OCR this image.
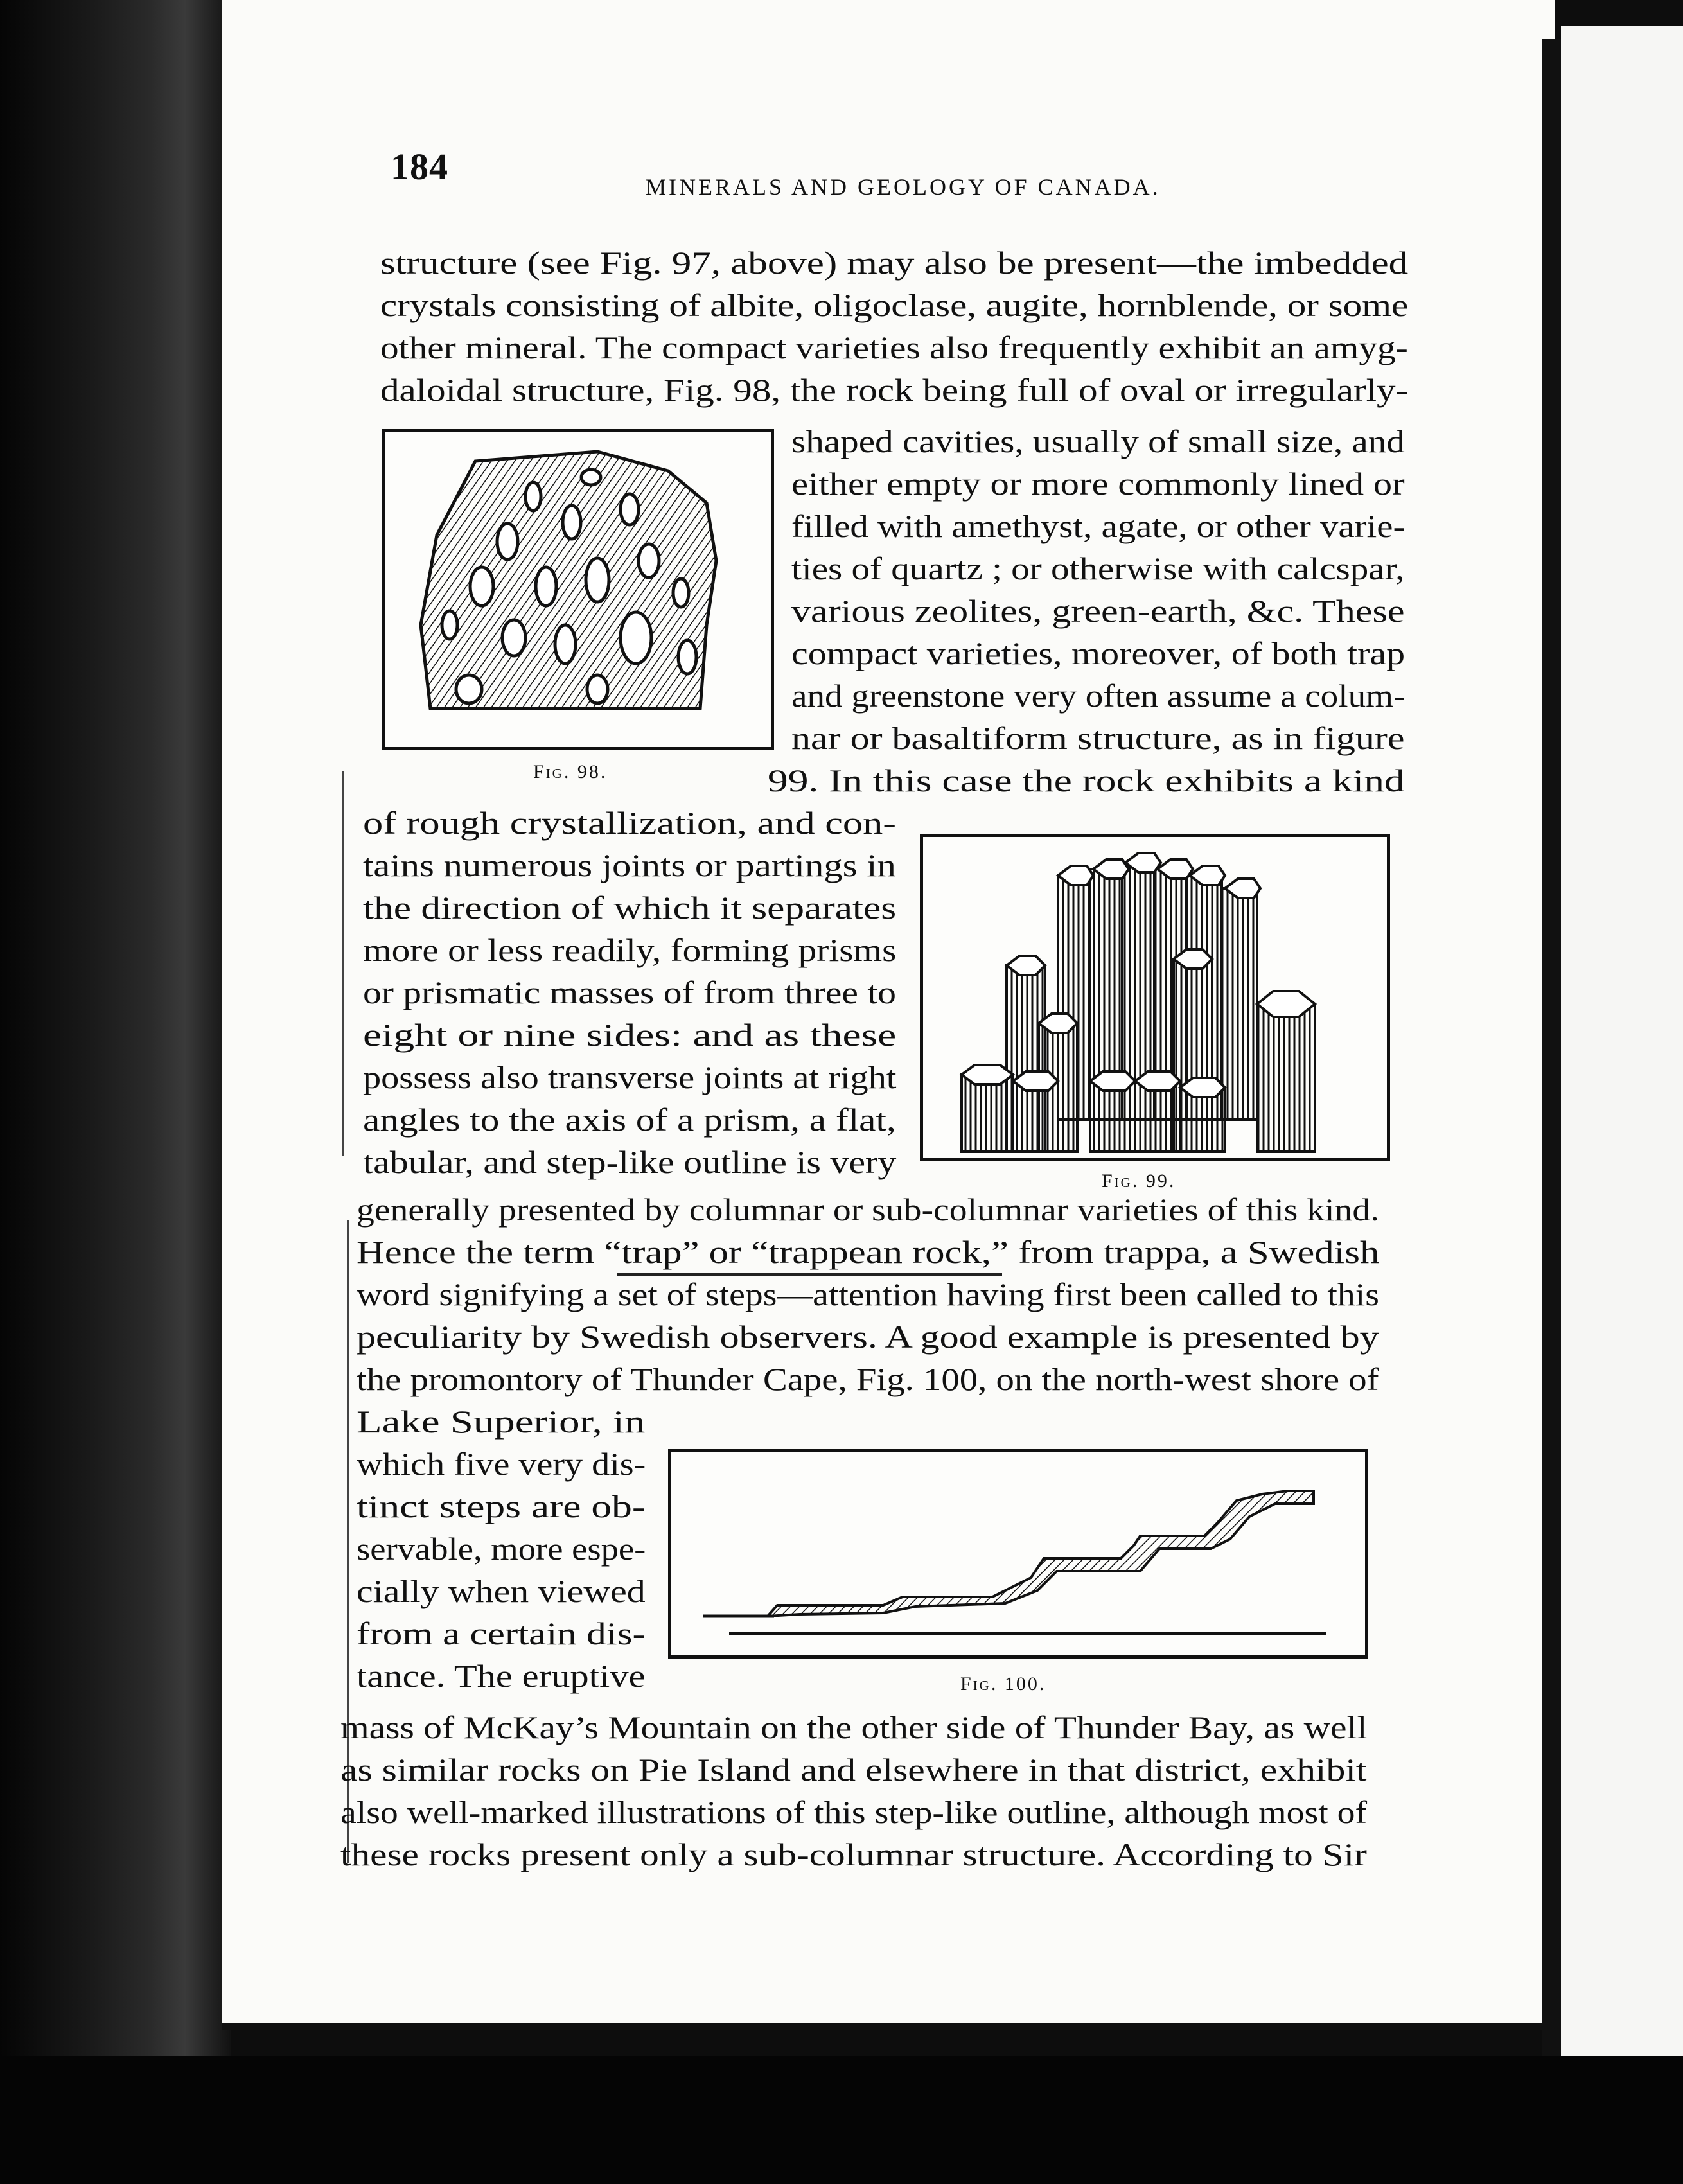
184	MINERALS AND GEOLOGY OF CANADA.
structure (see Fig. 97, above) may also be present—the imbedded
crystals consisting of albite, oligoclase, augite, hornblende, or some
other mineral. The compact varieties also frequently exhibit an amyg-
daloidal structure, Fig. 98, the rock being full of oval or irregularly-
Fig. 98.
shaped cavities, usually of small size, and
either empty or more commonly lined or
filled with amethyst, agate, or other varie-
ties of quartz ; or otherwise with calcspar,
various zeolites, green-earth, &c. These
compact varieties, moreover, of both trap
and greenstone very often assume a colum-
nar or basaltiform structure, as in figure
99. In this case the rock exhibits a kind
of rough crystallization, and con-
tains numerous joints or partings in
the direction of which it separates
more or less readily, forming prisms
or prismatic masses of from three to
eight or nine sides: and as these
possess also transverse joints at right
angles to the axis of a prism, a flat,
tabular, and step-like outline is very
Fig. 99.
generally presented by columnar or sub-columnar varieties of this kind.
Hence the term “trap” or “trappean rock,” from trappa, a Swedish
word signifying a set of steps—attention having first been called to this
peculiarity by Swedish observers. A good example is presented by
the promontory of Thunder Cape, Fig. 100, on the north-west shore of
Lake Superior, in
which five very dis-
tinct steps are ob-
servable, more espe-
cially when viewed
from a certain dis-
tance. The eruptive	Fig. 100.
mass of McKay’s Mountain on the other side of Thunder Bay, as well
as similar rocks on Pie Island and elsewhere in that district, exhibit
also well-marked illustrations of this step-like outline, although most of
these rocks present only a sub-columnar structure. According to Sir
